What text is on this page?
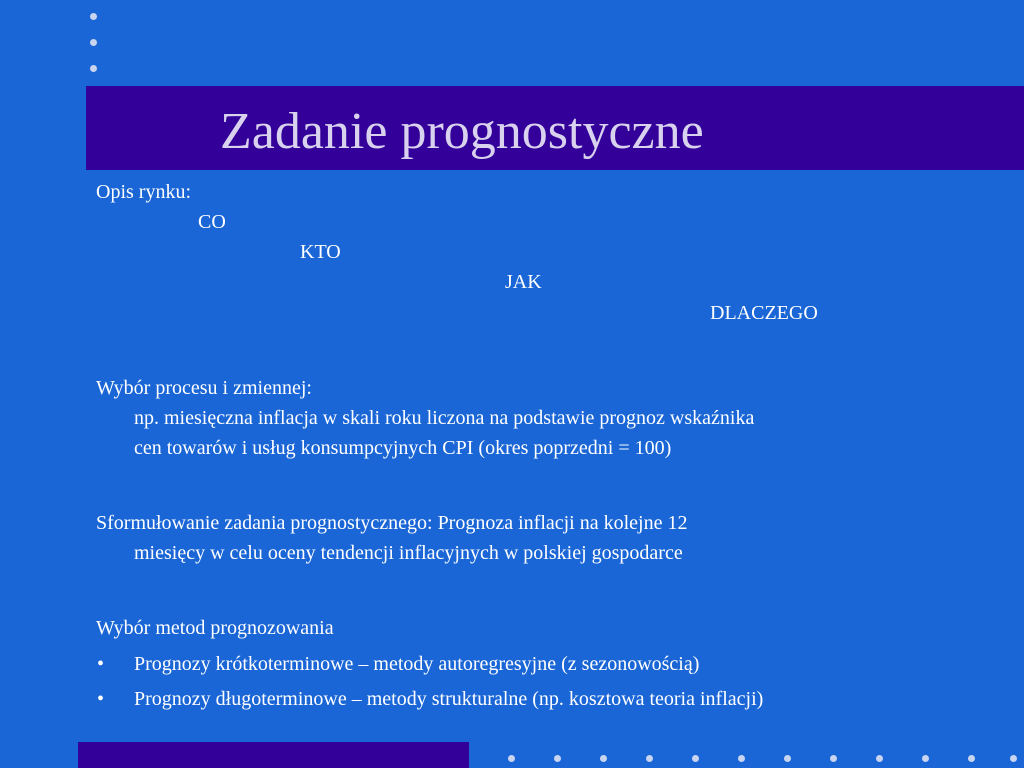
Zadanie prognostyczne
Opis rynku:
CO
KTO
JAK
DLACZEGO
Wybór procesu i zmiennej:
np. miesięczna inflacja w skali roku liczona na podstawie prognoz wskaźnika
cen towarów i usług konsumpcyjnych CPI (okres poprzedni = 100)
Sformułowanie zadania prognostycznego: Prognoza inflacji na kolejne 12
miesięcy w celu oceny tendencji inflacyjnych w polskiej gospodarce
Wybór metod prognozowania
• Prognozy krótkoterminowe – metody autoregresyjne (z sezonowością)
• Prognozy długoterminowe – metody strukturalne (np. kosztowa teoria inflacji)
